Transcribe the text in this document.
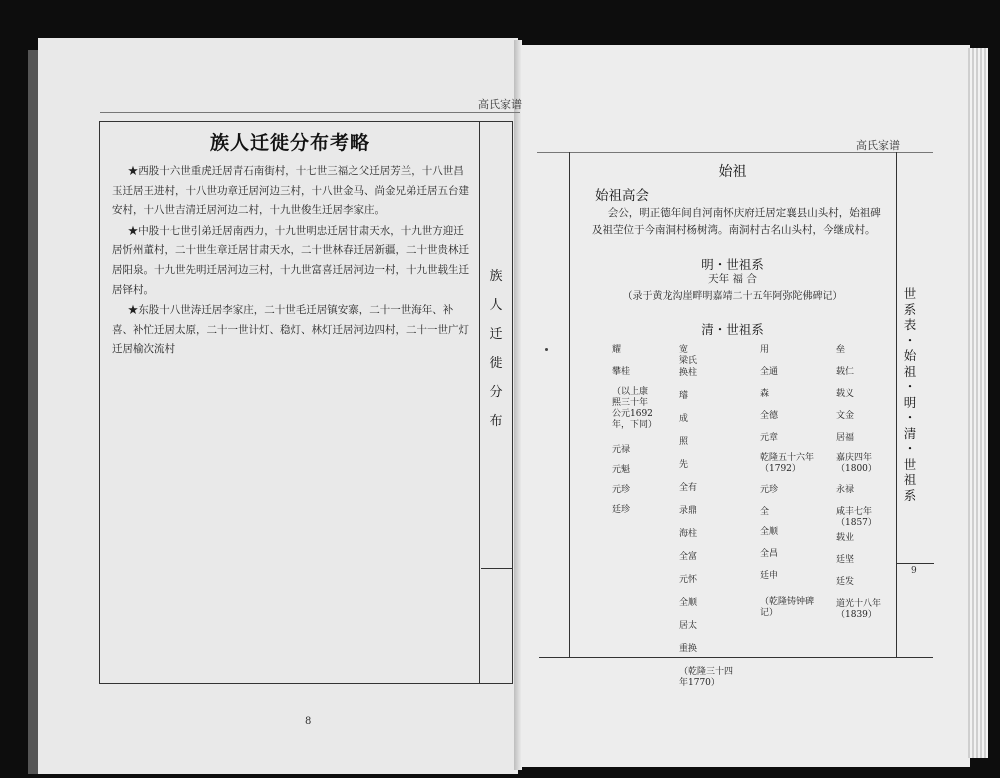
高氏家谱
族人迁徙分布考略

★西股十六世重虎迁居青石南街村，十七世三福之父迁居芳兰，十八世昌玉迁居王进村，十八世功章迁居河边三村，十八世金马、尚金兄弟迁居五台建安村，十八世吉清迁居河边二村，十九世俊生迁居李家庄。

★中股十七世引弟迁居南西力，十九世明忠迁居甘肃天水，十九世方迎迁居忻州董村，二十世生章迁居甘肃天水，二十世林春迁居新疆，二十世贵林迁居阳泉。十九世先明迁居河边三村，十九世富喜迁居河边一村，十九世载生迁居铎村。

★东股十八世涛迁居李家庄，二十世毛迁居镇安寨，二十一世海年、补喜、补忙迁居太原，二十一世计灯、稳灯、林灯迁居河边四村，二十一世广灯迁居榆次流村

族
人
迁
徙
分
布
8
高氏家谱
始祖
始祖高会

会公，明正德年间自河南怀庆府迁居定襄县山头村，始祖碑及祖茔位于今南洞村杨树湾。南洞村古名山头村，今继成村。

明・世祖系
天年 福 合
（录于黄龙沟崖畔明嘉靖二十五年阿弥陀佛碑记）
清・世祖系
耀
攀桂
（以上康
熙三十年
公元1692
年，下同）
元禄
元魁
元珍
廷珍
宽
梁氏
换柱
璿
成
照
先
全有
录鼎
海柱
全富
元怀
全顺
居太
重换
（乾隆三十四
年1770）
用
全通
森
全德
元章
乾隆五十六年
（1792）
元珍
全
全顺
全昌
廷申
（乾隆铸钟碑
记）
垒
载仁
载义
文金
居福
嘉庆四年
（1800）
永禄
咸丰七年
（1857）
载业
廷坚
廷发
道光十八年
（1839）
世
系
表
・
始
祖
・
明
・
清
・
世
祖
系
9
